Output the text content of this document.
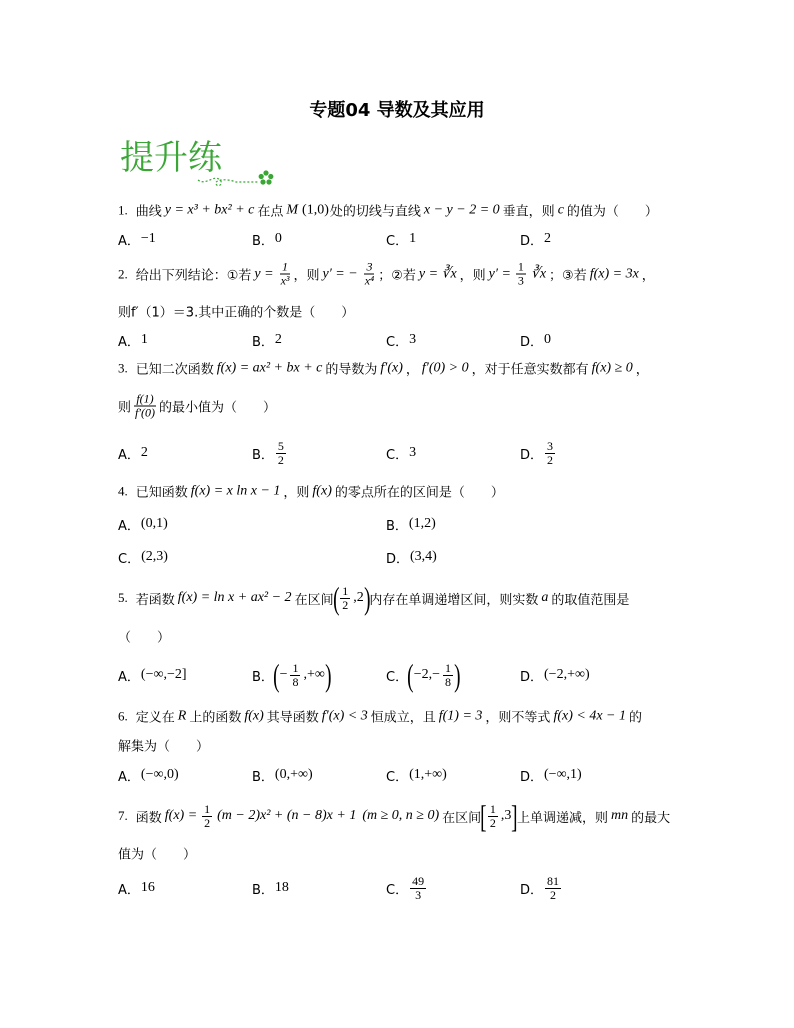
专题04 导数及其应用
提升练
1. 曲线 y = x³ + bx² + c 在点 M (1,0) 处的切线与直线 x − y − 2 = 0 垂直，则 c 的值为（　　）
A． −1	B． 0	C． 1	D． 2
2. 给出下列结论：①若 $y = \frac{1}{\text{x³}}$ ，则 y′ = − $\frac{3}{\text{x⁴}}$ ；②若 y = ∛x ，则 $y' = \frac{1}{3}$ ∛x ；③若 f(x) = 3x ，
则f′（1）＝3.其中正确的个数是（　　）
A． 1	B． 2	C． 3	D． 0
3. 已知二次函数 f(x) = ax² + bx + c 的导数为 f′(x) ， f′(0) > 0 ，对于任意实数都有 f(x) ≥ 0 ，
则 $\frac{f(1)}{f'(0)}$ 的最小值为（　　）
A． 2	B． $\frac{5}{2}$	C． 3	D． $\frac{3}{2}$
4. 已知函数 f(x) = x ln x − 1 ，则 f(x) 的零点所在的区间是（　　）
A． (0,1)	B． (1,2)
C． (2,3)	D． (3,4)
5. 若函数 f(x) = ln x + ax² − 2 在区间 ( $\frac{1}{2} ,2$ ) 内存在单调递增区间，则实数 a 的取值范围是
（　　）
A． (−∞,−2]	B． ( − $\frac{1}{8}$ ,+∞ )	C． ( $-2,- \frac{1}{8}$ )	D． (−2,+∞)
6. 定义在 R 上的函数 f(x) 其导函数 f′(x) < 3 恒成立，且 f(1) = 3 ，则不等式 f(x) < 4x − 1 的
解集为（　　）
A． (−∞,0)	B． (0,+∞)	C． (1,+∞)	D． (−∞,1)
7. 函数 $f(x) = \frac{1}{2} (m - 2)x^2 + (n - 8)x + 1$ (m ≥ 0, n ≥ 0) 在区间 [ $\frac{1}{2} ,3$ ] 上单调递减，则 mn 的最大
值为（　　）
A． 16	B． 18	C． $\frac{49}{3}$	D． $\frac{81}{2}$
